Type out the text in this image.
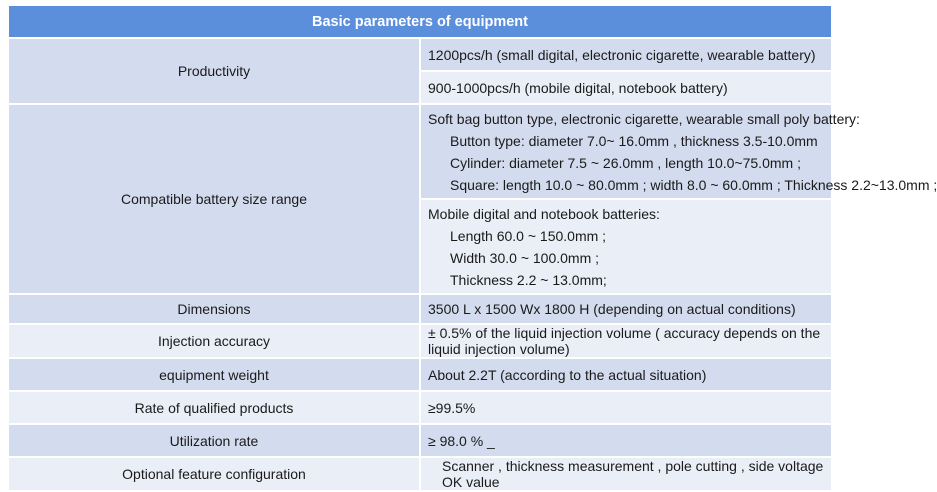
Basic parameters of equipment	
Productivity	1200pcs/h (small digital, electronic cigarette, wearable battery)
	900-1000pcs/h (mobile digital, notebook battery)
Compatible battery size range	Soft bag button type, electronic cigarette, wearable small poly battery:
Button type: diameter 7.0~ 16.0mm , thickness 3.5-10.0mm
Cylinder: diameter 7.5 ~ 26.0mm , length 10.0~75.0mm ;
Square: length 10.0 ~ 80.0mm ; width 8.0 ~ 60.0mm ; Thickness 2.2~13.0mm ;

	Mobile digital and notebook batteries:
Length 60.0 ~ 150.0mm ;
Width 30.0 ~ 100.0mm ;
Thickness 2.2 ~ 13.0mm;

Dimensions	3500 L x 1500 Wx 1800 H (depending on actual conditions)
Injection accuracy	± 0.5% of the liquid injection volume ( accuracy depends on the liquid injection volume)
equipment weight	About 2.2T (according to the actual situation)
Rate of qualified products	≥99.5%
Utilization rate	≥ 98.0 % _
Optional feature configuration	Scanner , thickness measurement , pole cutting , side voltage OK value
